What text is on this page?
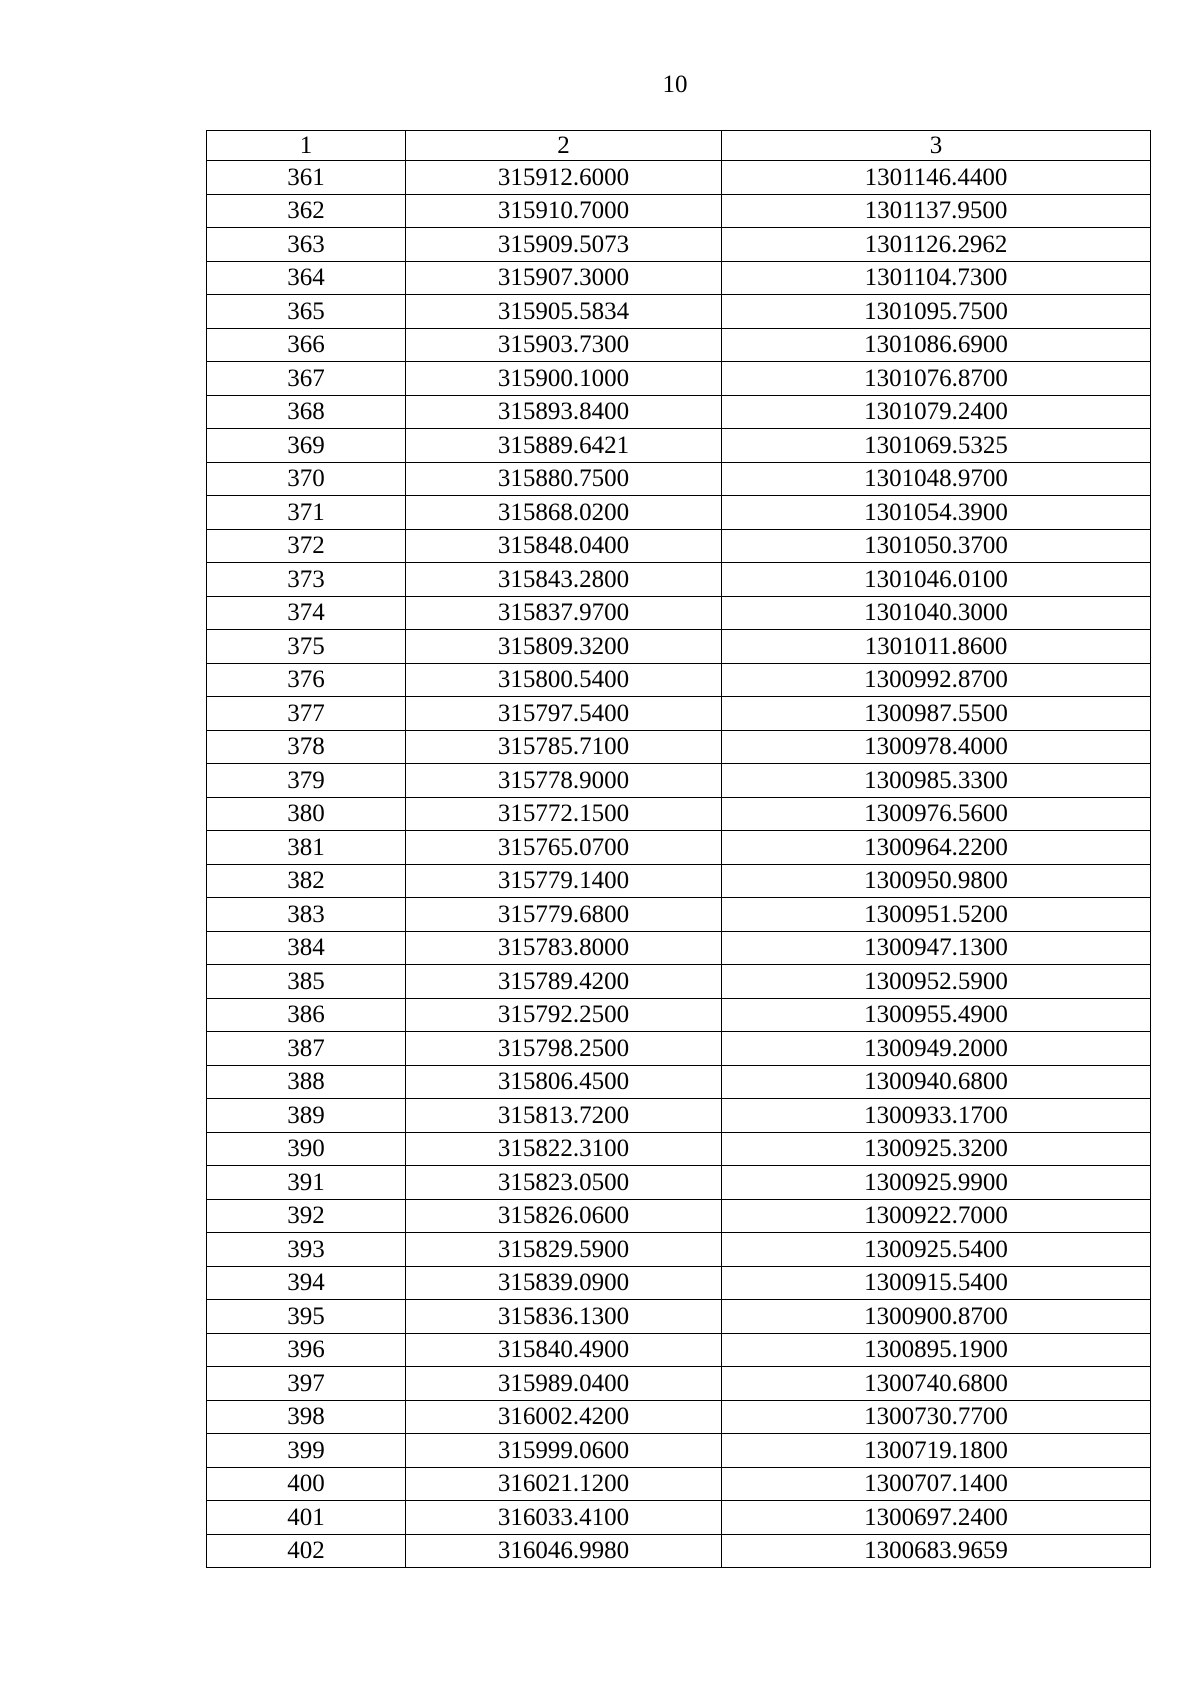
10
1	2	3
361	315912.6000	1301146.4400
362	315910.7000	1301137.9500
363	315909.5073	1301126.2962
364	315907.3000	1301104.7300
365	315905.5834	1301095.7500
366	315903.7300	1301086.6900
367	315900.1000	1301076.8700
368	315893.8400	1301079.2400
369	315889.6421	1301069.5325
370	315880.7500	1301048.9700
371	315868.0200	1301054.3900
372	315848.0400	1301050.3700
373	315843.2800	1301046.0100
374	315837.9700	1301040.3000
375	315809.3200	1301011.8600
376	315800.5400	1300992.8700
377	315797.5400	1300987.5500
378	315785.7100	1300978.4000
379	315778.9000	1300985.3300
380	315772.1500	1300976.5600
381	315765.0700	1300964.2200
382	315779.1400	1300950.9800
383	315779.6800	1300951.5200
384	315783.8000	1300947.1300
385	315789.4200	1300952.5900
386	315792.2500	1300955.4900
387	315798.2500	1300949.2000
388	315806.4500	1300940.6800
389	315813.7200	1300933.1700
390	315822.3100	1300925.3200
391	315823.0500	1300925.9900
392	315826.0600	1300922.7000
393	315829.5900	1300925.5400
394	315839.0900	1300915.5400
395	315836.1300	1300900.8700
396	315840.4900	1300895.1900
397	315989.0400	1300740.6800
398	316002.4200	1300730.7700
399	315999.0600	1300719.1800
400	316021.1200	1300707.1400
401	316033.4100	1300697.2400
402	316046.9980	1300683.9659
